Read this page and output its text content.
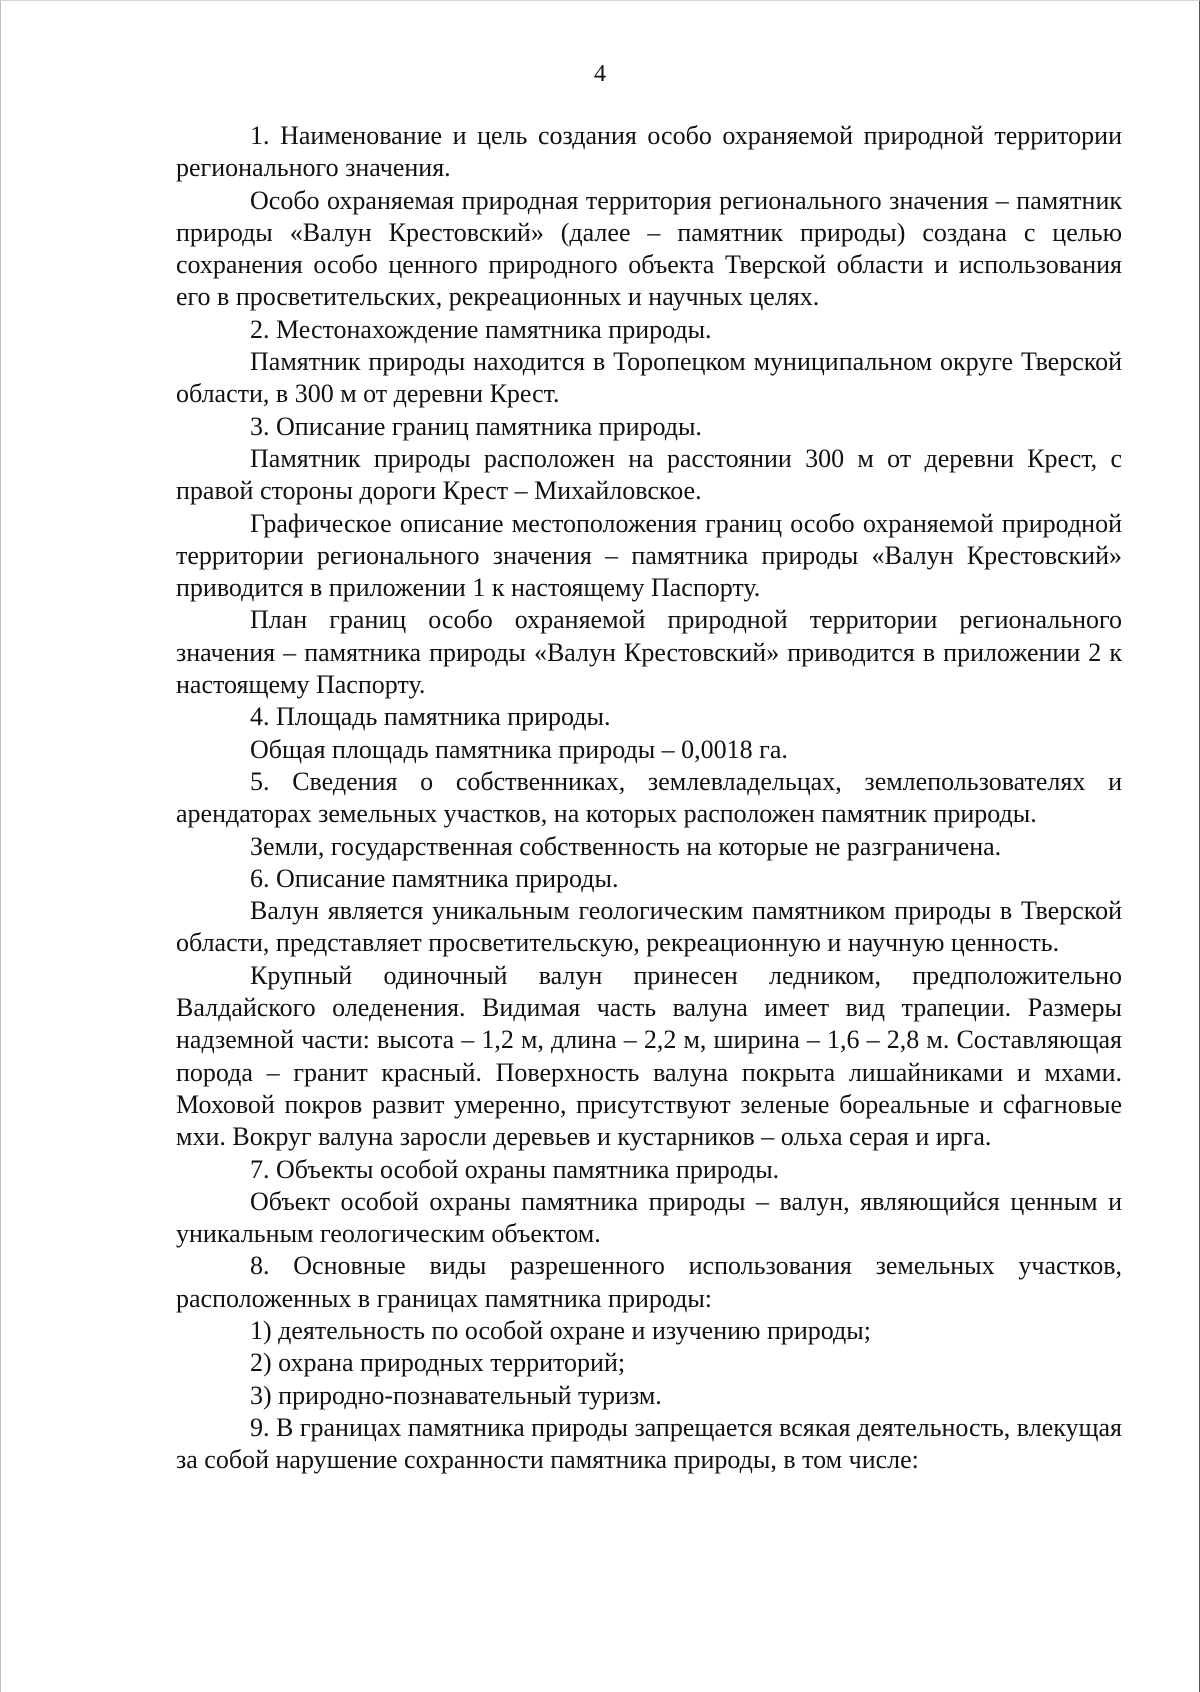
4

1. Наименование и цель создания особо охраняемой природной территории регионального значения.

Особо охраняемая природная территория регионального значения – памятник природы «Валун Крестовский» (далее – памятник природы) создана с целью сохранения особо ценного природного объекта Тверской области и использования его в просветительских, рекреационных и научных целях.

2. Местонахождение памятника природы.

Памятник природы находится в Торопецком муниципальном округе Тверской области, в 300 м от деревни Крест.

3. Описание границ памятника природы.

Памятник природы расположен на расстоянии 300 м от деревни Крест, с правой стороны дороги Крест – Михайловское.

Графическое описание местоположения границ особо охраняемой природной территории регионального значения – памятника природы «Валун Крестовский» приводится в приложении 1 к настоящему Паспорту.

План границ особо охраняемой природной территории регионального значения – памятника природы «Валун Крестовский» приводится в приложении 2 к настоящему Паспорту.

4. Площадь памятника природы.

Общая площадь памятника природы – 0,0018 га.

5. Сведения о собственниках, землевладельцах, землепользователях и арендаторах земельных участков, на которых расположен памятник природы.

Земли, государственная собственность на которые не разграничена.

6. Описание памятника природы.

Валун является уникальным геологическим памятником природы в Тверской области, представляет просветительскую, рекреационную и научную ценность.

Крупный одиночный валун принесен ледником, предположительно Валдайского оледенения. Видимая часть валуна имеет вид трапеции. Размеры надземной части: высота – 1,2 м, длина – 2,2 м, ширина – 1,6 – 2,8 м. Составляющая порода – гранит красный. Поверхность валуна покрыта лишайниками и мхами. Моховой покров развит умеренно, присутствуют зеленые бореальные и сфагновые мхи. Вокруг валуна заросли деревьев и кустарников – ольха серая и ирга.

7. Объекты особой охраны памятника природы.

Объект особой охраны памятника природы – валун, являющийся ценным и уникальным геологическим объектом.

8. Основные виды разрешенного использования земельных участков, расположенных в границах памятника природы:

1) деятельность по особой охране и изучению природы;

2) охрана природных территорий;

3) природно-познавательный туризм.

9. В границах памятника природы запрещается всякая деятельность, влекущая за собой нарушение сохранности памятника природы, в том числе:
